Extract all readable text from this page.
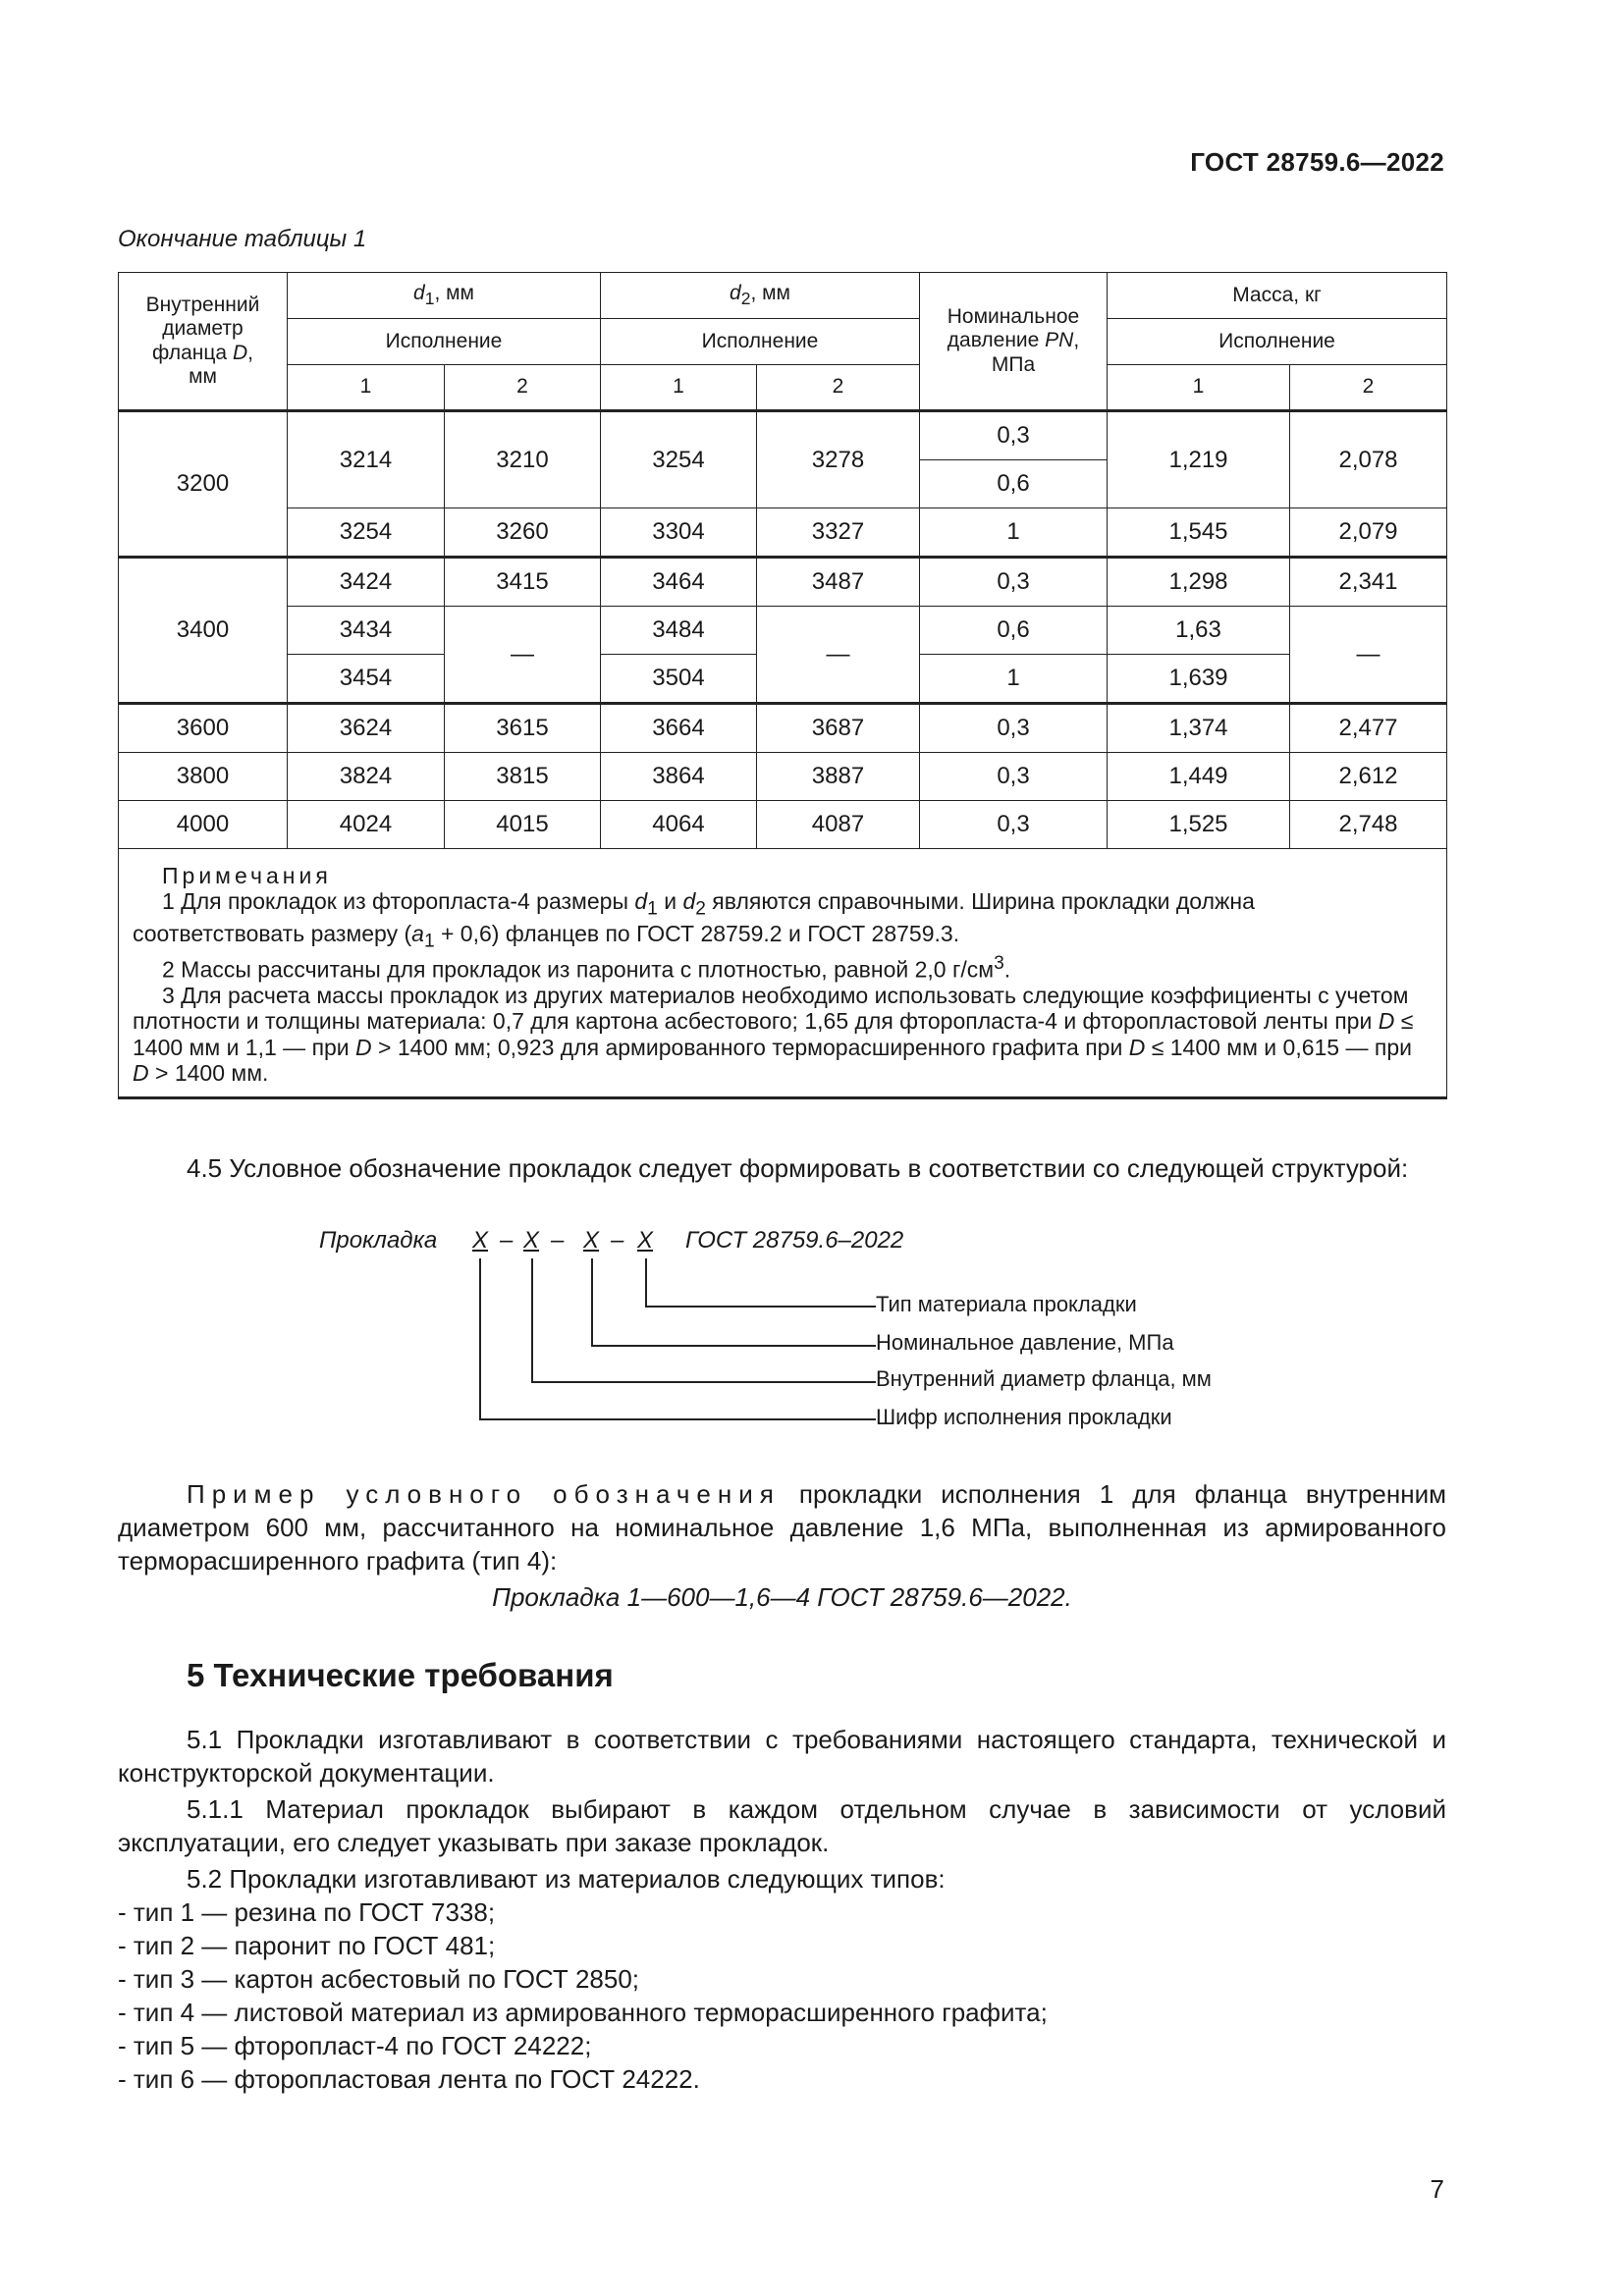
ГОСТ 28759.6—2022
Окончание таблицы 1
Внутренний
диаметр
фланца D,
мм	$d_1$, мм		$d_2$, мм		Номинальное
давление PN,
МПа	Масса, кг	
	Исполнение		Исполнение			Исполнение	
	1	2	1	2		1	2
3200	3214	3210	3254	3278	0,3	1,219	2,078
					0,6		
	3254	3260	3304	3327	1	1,545	2,079
3400	3424	3415	3464	3487	0,3	1,298	2,341
	3434	—	3484	—	0,6	1,63	—
	3454		3504		1	1,639	
3600	3624	3615	3664	3687	0,3	1,374	2,477
3800	3824	3815	3864	3887	0,3	1,449	2,612
4000	4024	4015	4064	4087	0,3	1,525	2,748

Примечания

1 Для прокладок из фторопласта-4 размеры $d_1$ и $d_2$ являются справочными. Ширина прокладки должна соответствовать размеру $(a_1 + 0,6)$ фланцев по ГОСТ 28759.2 и ГОСТ 28759.3.

2 Массы рассчитаны для прокладок из паронита с плотностью, равной 2,0 $г/см^3$.

3 Для расчета массы прокладок из других материалов необходимо использовать следующие коэффициенты с учетом плотности и толщины материала: 0,7 для картона асбестового; 1,65 для фторопласта-4 и фторопластовой ленты при D ≤ 1400 мм и 1,1 — при D > 1400 мм; 0,923 для армированного терморасширенного графита при D ≤ 1400 мм и 0,615 — при D > 1400 мм.							

4.5 Условное обозначение прокладок следует формировать в соответствии со следующей структурой:

Прокладка X – X – X – X ГОСТ 28759.6–2022
Тип материала прокладки
Номинальное давление, МПа
Внутренний диаметр фланца, мм
Шифр исполнения прокладки

Пример условного обозначения прокладки исполнения 1 для фланца внутренним диаметром 600 мм, рассчитанного на номинальное давление 1,6 МПа, выполненная из армированного терморасширенного графита (тип 4):

Прокладка 1—600—1,6—4 ГОСТ 28759.6—2022.
5 Технические требования

5.1 Прокладки изготавливают в соответствии с требованиями настоящего стандарта, технической и конструкторской документации.

5.1.1 Материал прокладок выбирают в каждом отдельном случае в зависимости от условий эксплуатации, его следует указывать при заказе прокладок.

5.2 Прокладки изготавливают из материалов следующих типов:

- тип 1 — резина по ГОСТ 7338;
- тип 2 — паронит по ГОСТ 481;
- тип 3 — картон асбестовый по ГОСТ 2850;
- тип 4 — листовой материал из армированного терморасширенного графита;
- тип 5 — фторопласт-4 по ГОСТ 24222;
- тип 6 — фторопластовая лента по ГОСТ 24222.
7
